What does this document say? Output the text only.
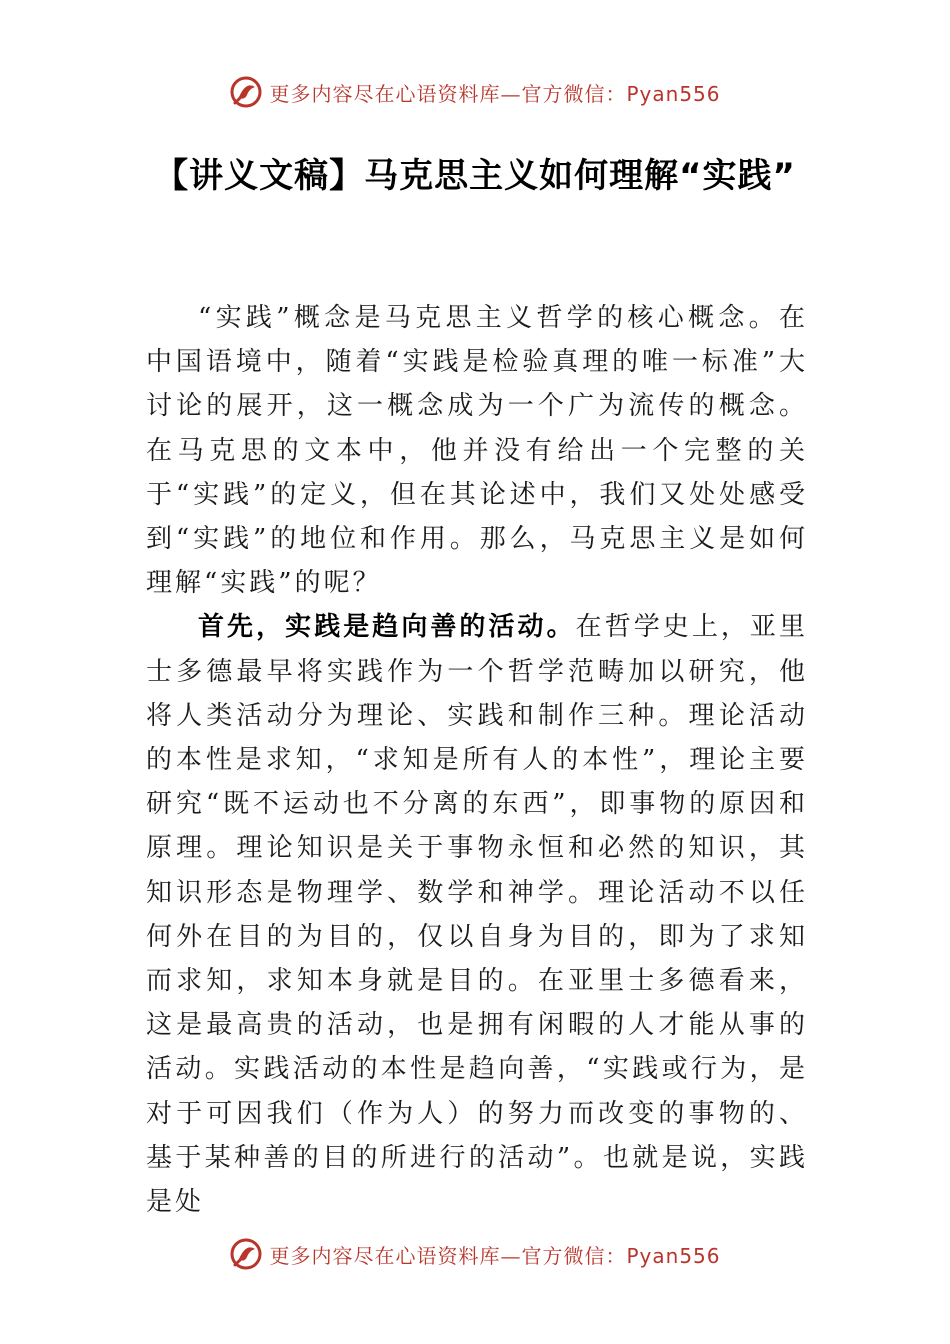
更多内容尽在心语资料库—官方微信：Pyan556
【讲义文稿】马克思主义如何理解“实践”

“实践”概念是马克思主义哲学的核心概念。在中国语境中，随着“实践是检验真理的唯一标准”大讨论的展开，这一概念成为一个广为流传的概念。在马克思的文本中，他并没有给出一个完整的关于“实践”的定义，但在其论述中，我们又处处感受到“实践”的地位和作用。那么，马克思主义是如何理解“实践”的呢？

首先，实践是趋向善的活动。在哲学史上，亚里士多德最早将实践作为一个哲学范畴加以研究，他将人类活动分为理论、实践和制作三种。理论活动的本性是求知，“求知是所有人的本性”，理论主要研究“既不运动也不分离的东西”，即事物的原因和原理。理论知识是关于事物永恒和必然的知识，其知识形态是物理学、数学和神学。理论活动不以任何外在目的为目的，仅以自身为目的，即为了求知而求知，求知本身就是目的。在亚里士多德看来，这是最高贵的活动，也是拥有闲暇的人才能从事的活动。实践活动的本性是趋向善，“实践或行为，是对于可因我们（作为人）的努力而改变的事物的、基于某种善的目的所进行的活动”。也就是说，实践是处

更多内容尽在心语资料库—官方微信：Pyan556
